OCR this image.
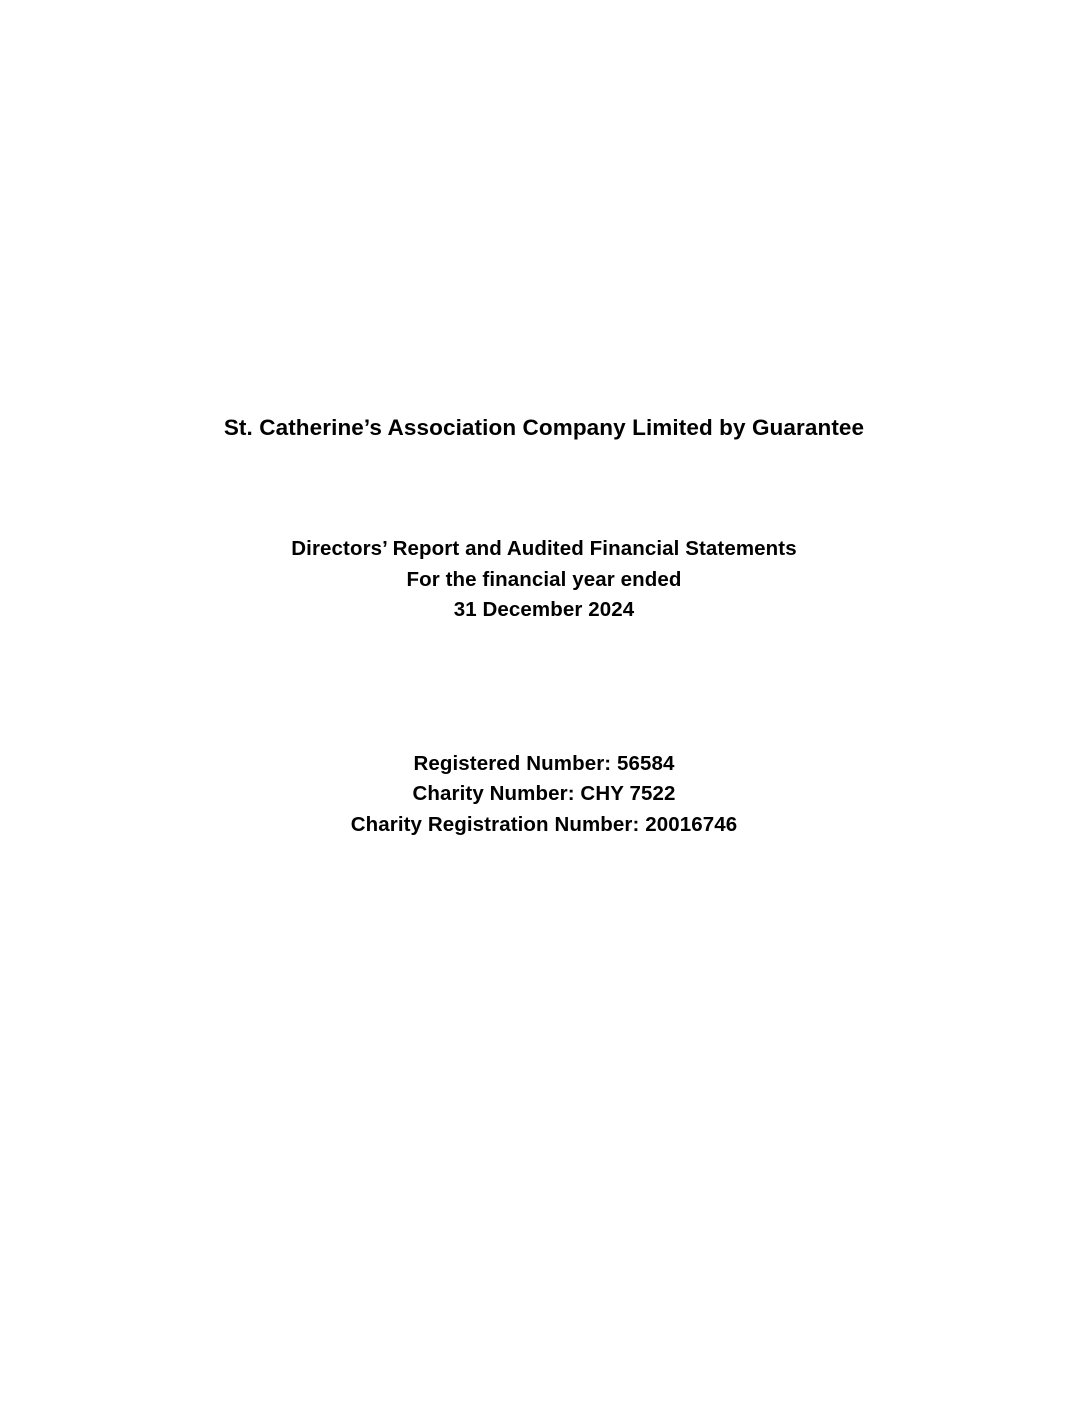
St. Catherine’s Association Company Limited by Guarantee
Directors’ Report and Audited Financial Statements
For the financial year ended
31 December 2024
Registered Number: 56584
Charity Number: CHY 7522
Charity Registration Number: 20016746
